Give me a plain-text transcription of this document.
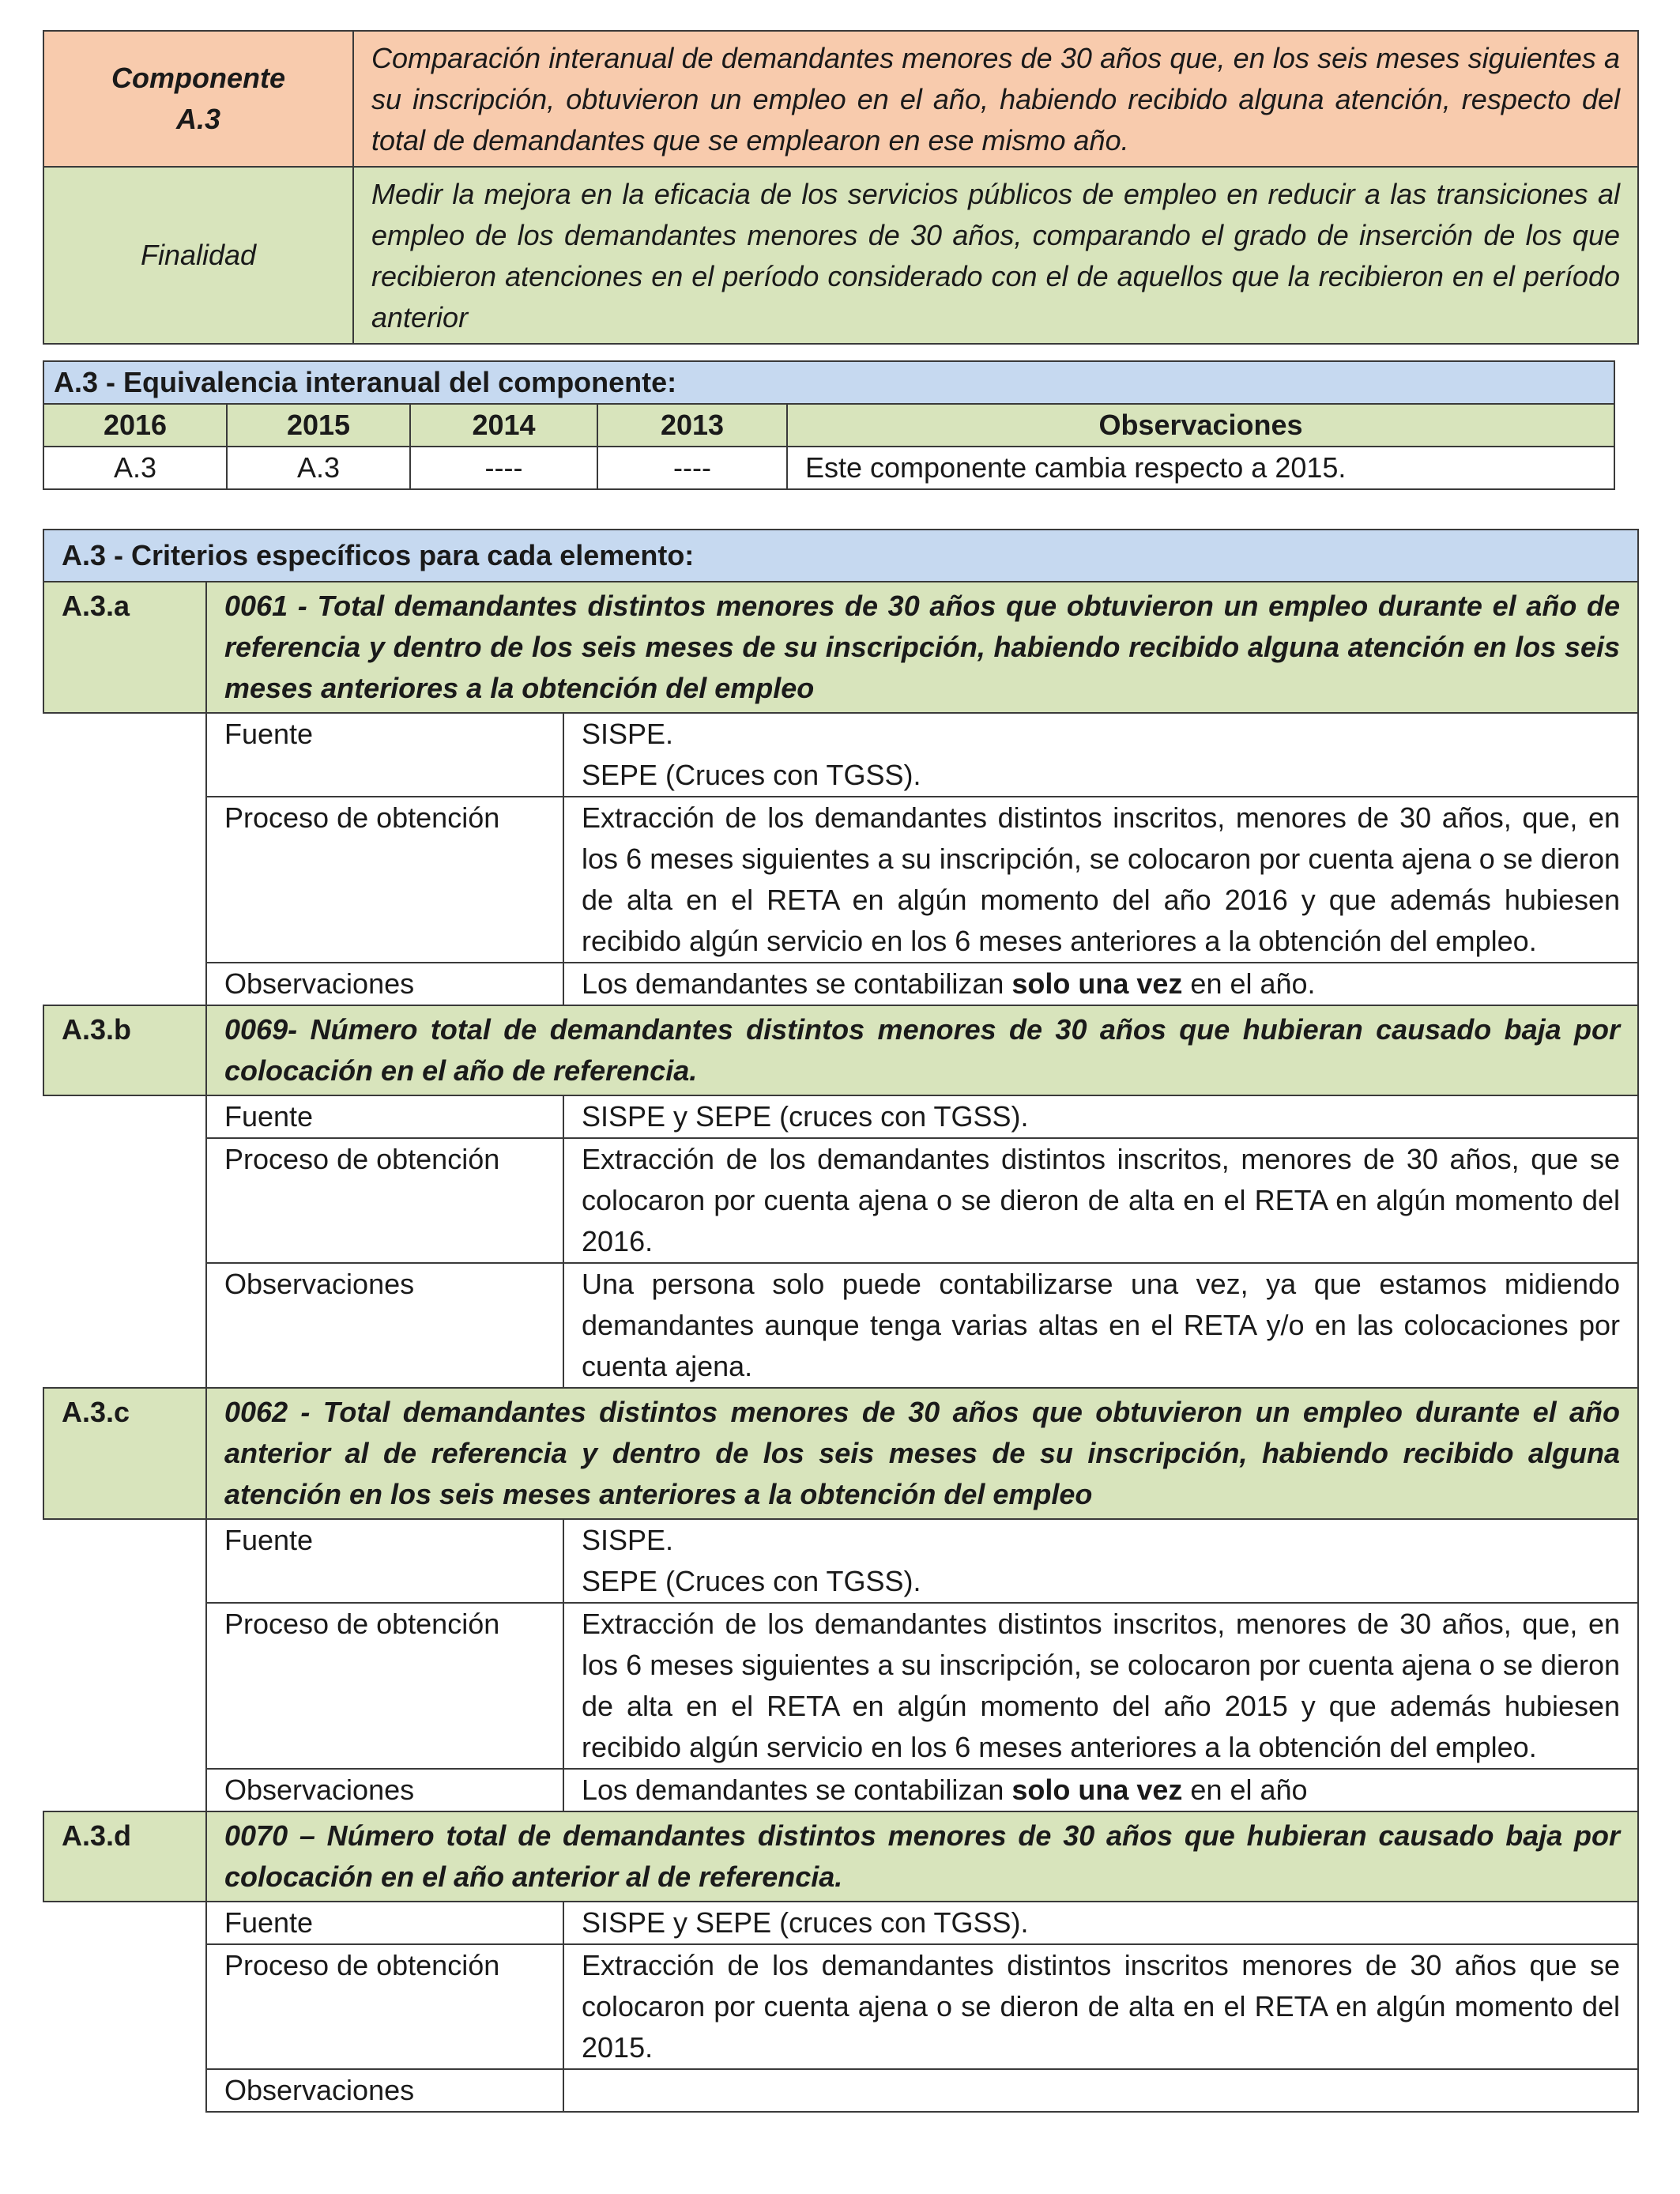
Componente
A.3	Comparación interanual de demandantes menores de 30 años que, en los seis meses siguientes a su inscripción, obtuvieron un empleo en el año, habiendo recibido alguna atención, respecto del total de demandantes que se emplearon en ese mismo año.
Finalidad	Medir la mejora en la eficacia de los servicios públicos de empleo en reducir a las transiciones al empleo de los demandantes menores de 30 años, comparando el grado de inserción de los que recibieron atenciones en el período considerado con el de aquellos que la recibieron en el período anterior
A.3 - Equivalencia interanual del componente:				
2016	2015	2014	2013	Observaciones
A.3	A.3	----	----	Este componente cambia respecto a 2015.
A.3 - Criterios específicos para cada elemento:		
A.3.a	0061 - Total demandantes distintos menores de 30 años que obtuvieron un empleo durante el año de referencia y dentro de los seis meses de su inscripción, habiendo recibido alguna atención en los seis meses anteriores a la obtención del empleo	
	Fuente	SISPE.
SEPE (Cruces con TGSS).

	Proceso de obtención	Extracción de los demandantes distintos inscritos, menores de 30 años, que, en los 6 meses siguientes a su inscripción, se colocaron por cuenta ajena o se dieron de alta en el RETA en algún momento del año 2016 y que además hubiesen recibido algún servicio en los 6 meses anteriores a la obtención del empleo.
	Observaciones	Los demandantes se contabilizan solo una vez en el año.
A.3.b	0069- Número total de demandantes distintos menores de 30 años que hubieran causado baja por colocación en el año de referencia.	
	Fuente	SISPE y SEPE (cruces con TGSS).
	Proceso de obtención	Extracción de los demandantes distintos inscritos, menores de 30 años, que se colocaron por cuenta ajena o se dieron de alta en el RETA en algún momento del 2016.
	Observaciones	Una persona solo puede contabilizarse una vez, ya que estamos midiendo demandantes aunque tenga varias altas en el RETA y/o en las colocaciones por cuenta ajena.
A.3.c	0062 - Total demandantes distintos menores de 30 años que obtuvieron un empleo durante el año anterior al de referencia y dentro de los seis meses de su inscripción, habiendo recibido alguna atención en los seis meses anteriores a la obtención del empleo	
	Fuente	SISPE.
SEPE (Cruces con TGSS).

	Proceso de obtención	Extracción de los demandantes distintos inscritos, menores de 30 años, que, en los 6 meses siguientes a su inscripción, se colocaron por cuenta ajena o se dieron de alta en el RETA en algún momento del año 2015 y que además hubiesen recibido algún servicio en los 6 meses anteriores a la obtención del empleo.
	Observaciones	Los demandantes se contabilizan solo una vez en el año
A.3.d	0070 – Número total de demandantes distintos menores de 30 años que hubieran causado baja por colocación en el año anterior al de referencia.	
	Fuente	SISPE y SEPE (cruces con TGSS).
	Proceso de obtención	Extracción de los demandantes distintos inscritos menores de 30 años que se colocaron por cuenta ajena o se dieron de alta en el RETA en algún momento del 2015.
	Observaciones	
